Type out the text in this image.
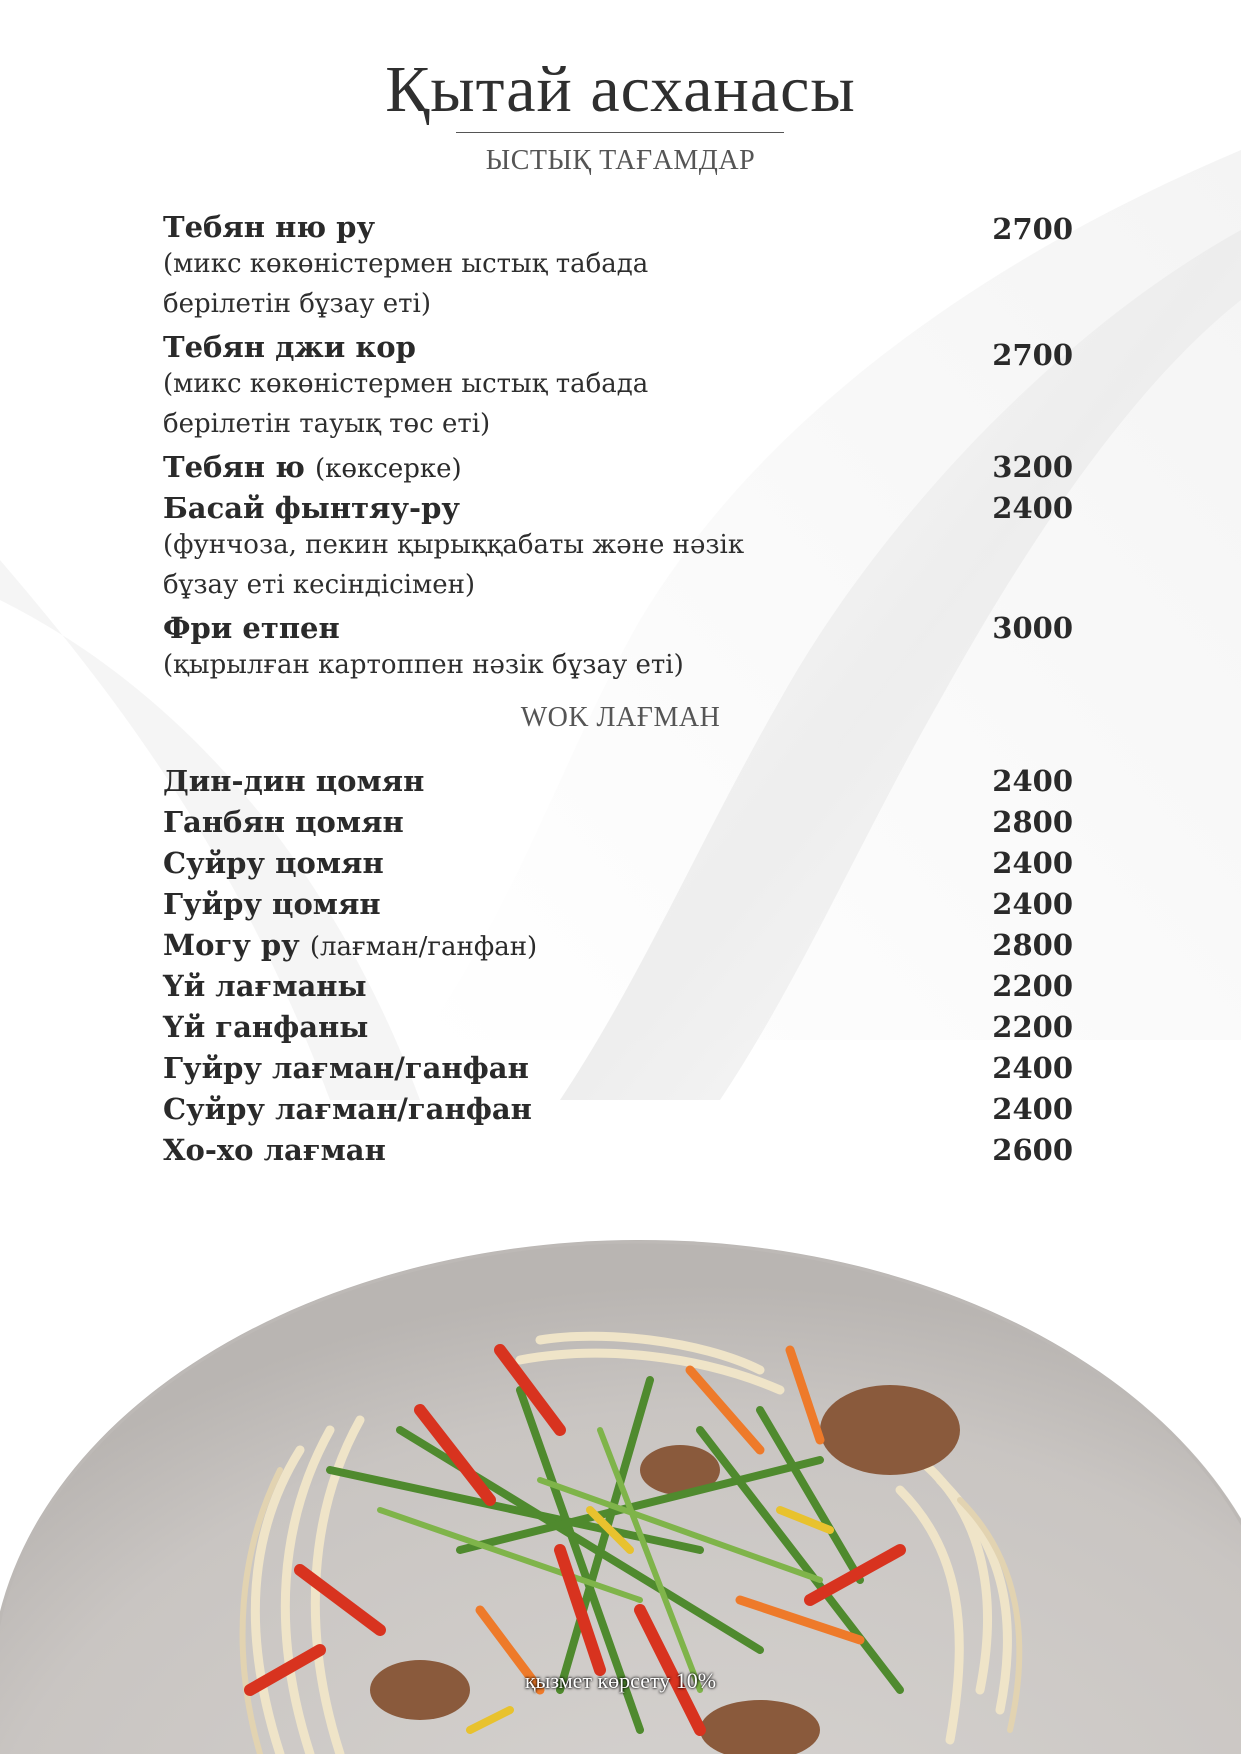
Қытай асханасы
ЫСТЫҚ ТАҒАМДАР
Тебян ню ру
(микс көкөністермен ыстық табада
берілетін бұзау еті)
2700
Тебян джи кор
(микс көкөністермен ыстық табада
берілетін тауық төс еті)
2700
Тебян ю (көксерке)	3200
Басай фынтяу-ру
(фунчоза, пекин қырыққабаты және нәзік
бұзау еті кесіндісімен)
2400
Фри етпен
(қырылған картоппен нәзік бұзау еті)
3000
WOK ЛАҒМАН
Дин-дин цомян	2400
Ганбян цомян	2800
Суйру цомян	2400
Гуйру цомян	2400
Могу ру (лағман/ганфан)	2800
Үй лағманы	2200
Үй ганфаны	2200
Гуйру лағман/ганфан	2400
Суйру лағман/ганфан	2400
Хо-хо лағман	2600
қызмет көрсету 10%
